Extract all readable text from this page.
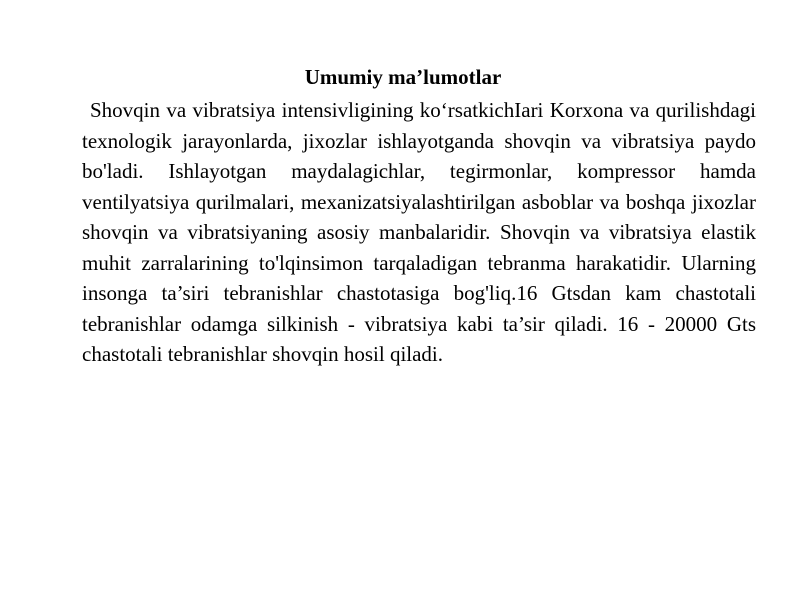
Umumiy ma’lumotlar

Shovqin va vibratsiya intensivligining ko‘rsatkichIari Korxona va qurilishdagi texnologik jarayonlarda, jixozlar ishlayotganda shovqin va vibratsiya paydo bo'ladi. Ishlayotgan maydalagichlar, tegirmonlar, kompressor hamda ventilyatsiya qurilmalari, mexanizatsiyalashtirilgan asboblar va boshqa jixozlar shovqin va vibratsiyaning asosiy manbalaridir. Shovqin va vibratsiya elastik muhit zarralarining to'lqinsimon tarqaladigan tebranma harakatidir. Ularning insonga ta’siri tebranishlar chastotasiga bog'liq.16 Gtsdan kam chastotali tebranishlar odamga silkinish - vibratsiya kabi ta’sir qiladi. 16 - 20000 Gts chastotali tebranishlar shovqin hosil qiladi.
